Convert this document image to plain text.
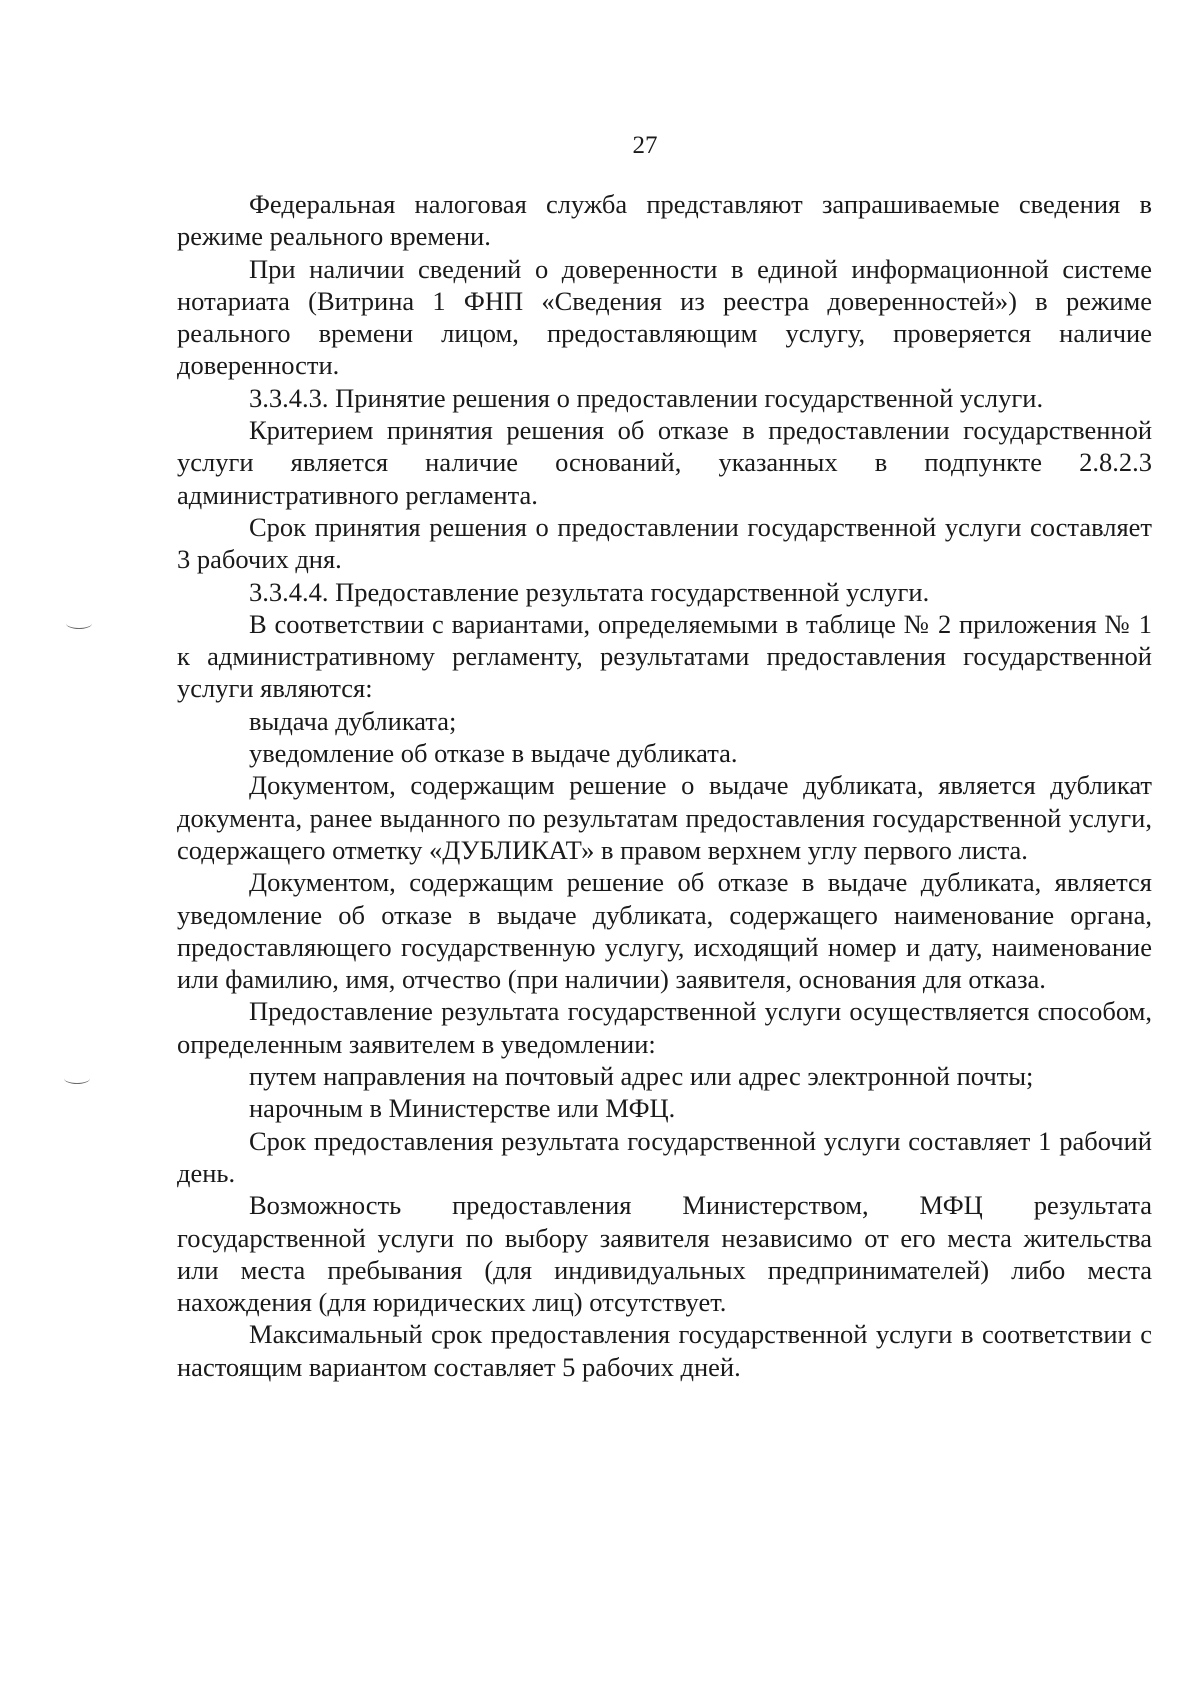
27

Федеральная налоговая служба представляют запрашиваемые сведения в режиме реального времени.

При наличии сведений о доверенности в единой информационной системе нотариата (Витрина 1 ФНП «Сведения из реестра доверенностей») в режиме реального времени лицом, предоставляющим услугу, проверяется наличие доверенности.

3.3.4.3. Принятие решения о предоставлении государственной услуги.

Критерием принятия решения об отказе в предоставлении государственной услуги является наличие оснований, указанных в подпункте 2.8.2.3 административного регламента.

Срок принятия решения о предоставлении государственной услуги составляет 3 рабочих дня.

3.3.4.4. Предоставление результата государственной услуги.

В соответствии с вариантами, определяемыми в таблице № 2 приложения № 1 к административному регламенту, результатами предоставления государственной услуги являются:

выдача дубликата;

уведомление об отказе в выдаче дубликата.

Документом, содержащим решение о выдаче дубликата, является дубликат документа, ранее выданного по результатам предоставления государственной услуги, содержащего отметку «ДУБЛИКАТ» в правом верхнем углу первого листа.

Документом, содержащим решение об отказе в выдаче дубликата, является уведомление об отказе в выдаче дубликата, содержащего наименование органа, предоставляющего государственную услугу, исходящий номер и дату, наименование или фамилию, имя, отчество (при наличии) заявителя, основания для отказа.

Предоставление результата государственной услуги осуществляется способом, определенным заявителем в уведомлении:

путем направления на почтовый адрес или адрес электронной почты;

нарочным в Министерстве или МФЦ.

Срок предоставления результата государственной услуги составляет 1 рабочий день.

Возможность предоставления Министерством, МФЦ результата государственной услуги по выбору заявителя независимо от его места жительства или места пребывания (для индивидуальных предпринимателей) либо места нахождения (для юридических лиц) отсутствует.

Максимальный срок предоставления государственной услуги в соответствии с настоящим вариантом составляет 5 рабочих дней.
